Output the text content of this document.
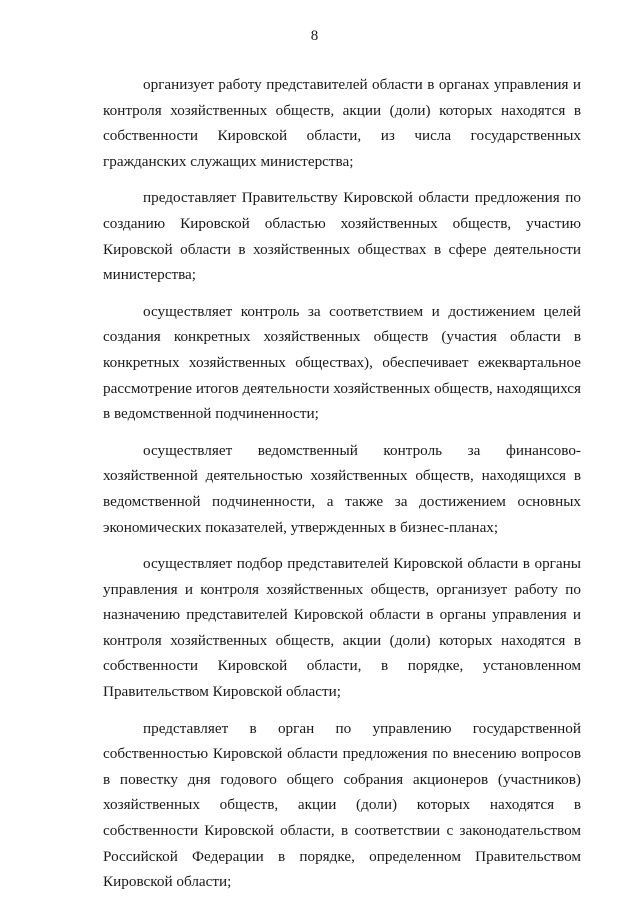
8

организует работу представителей области в органах управления и контроля хозяйственных обществ, акции (доли) которых находятся в собственности Кировской области, из числа государственных гражданских служащих министерства;

предоставляет Правительству Кировской области предложения по созданию Кировской областью хозяйственных обществ, участию Кировской области в хозяйственных обществах в сфере деятельности министерства;

осуществляет контроль за соответствием и достижением целей создания конкретных хозяйственных обществ (участия области в конкретных хозяйственных обществах), обеспечивает ежеквартальное рассмотрение итогов деятельности хозяйственных обществ, находящихся в ведомственной подчиненности;

осуществляет ведомственный контроль за финансово-хозяйственной деятельностью хозяйственных обществ, находящихся в ведомственной подчиненности, а также за достижением основных экономических показателей, утвержденных в бизнес-планах;

осуществляет подбор представителей Кировской области в органы управления и контроля хозяйственных обществ, организует работу по назначению представителей Кировской области в органы управления и контроля хозяйственных обществ, акции (доли) которых находятся в собственности Кировской области, в порядке, установленном Правительством Кировской области;

представляет в орган по управлению государственной собственностью Кировской области предложения по внесению вопросов в повестку дня годового общего собрания акционеров (участников) хозяйственных обществ, акции (доли) которых находятся в собственности Кировской области, в соответствии с законодательством Российской Федерации в порядке, определенном Правительством Кировской области;
